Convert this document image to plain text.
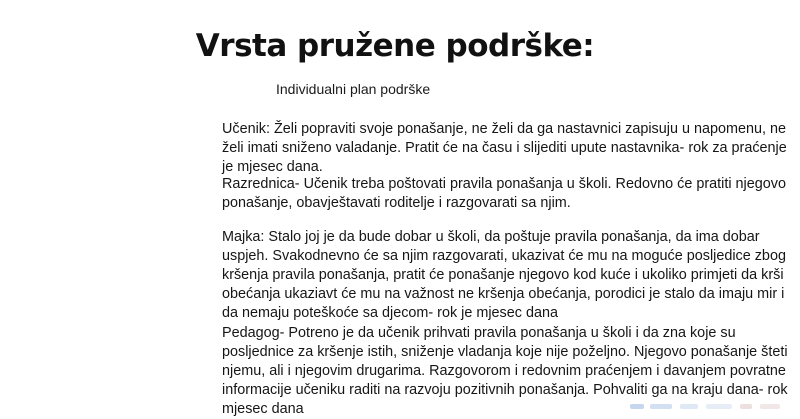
Vrsta pružene podrške:
Individualni plan podrške

Učenik: Želi popraviti svoje ponašanje, ne želi da ga nastavnici zapisuju u napomenu, ne želi imati sniženo valadanje. Pratit će na času i slijediti upute nastavnika- rok za praćenje je mjesec dana.

Razrednica- Učenik treba poštovati pravila ponašanja u školi. Redovno će pratiti njegovo ponašanje, obavještavati roditelje i razgovarati sa njim.

Majka: Stalo joj je da bude dobar u školi, da poštuje pravila ponašanja, da ima dobar uspjeh. Svakodnevno će sa njim razgovarati, ukazivat će mu na moguće posljedice zbog kršenja pravila ponašanja, pratit će ponašanje njegovo kod kuće i ukoliko primjeti da krši obećanja ukaziavt će mu na važnost ne kršenja obećanja, porodici je stalo da imaju mir i da nemaju poteškoće sa djecom- rok je mjesec dana

Pedagog- Potreno je da učenik prihvati pravila ponašanja u školi i da zna koje su posljednice za kršenje istih, sniženje vladanja koje nije poželjno. Njegovo ponašanje šteti njemu, ali i njegovim drugarima. Razgovorom i redovnim praćenjem i davanjem povratne informacije učeniku raditi na razvoju pozitivnih ponašanja. Pohvaliti ga na kraju dana- rok mjesec dana
